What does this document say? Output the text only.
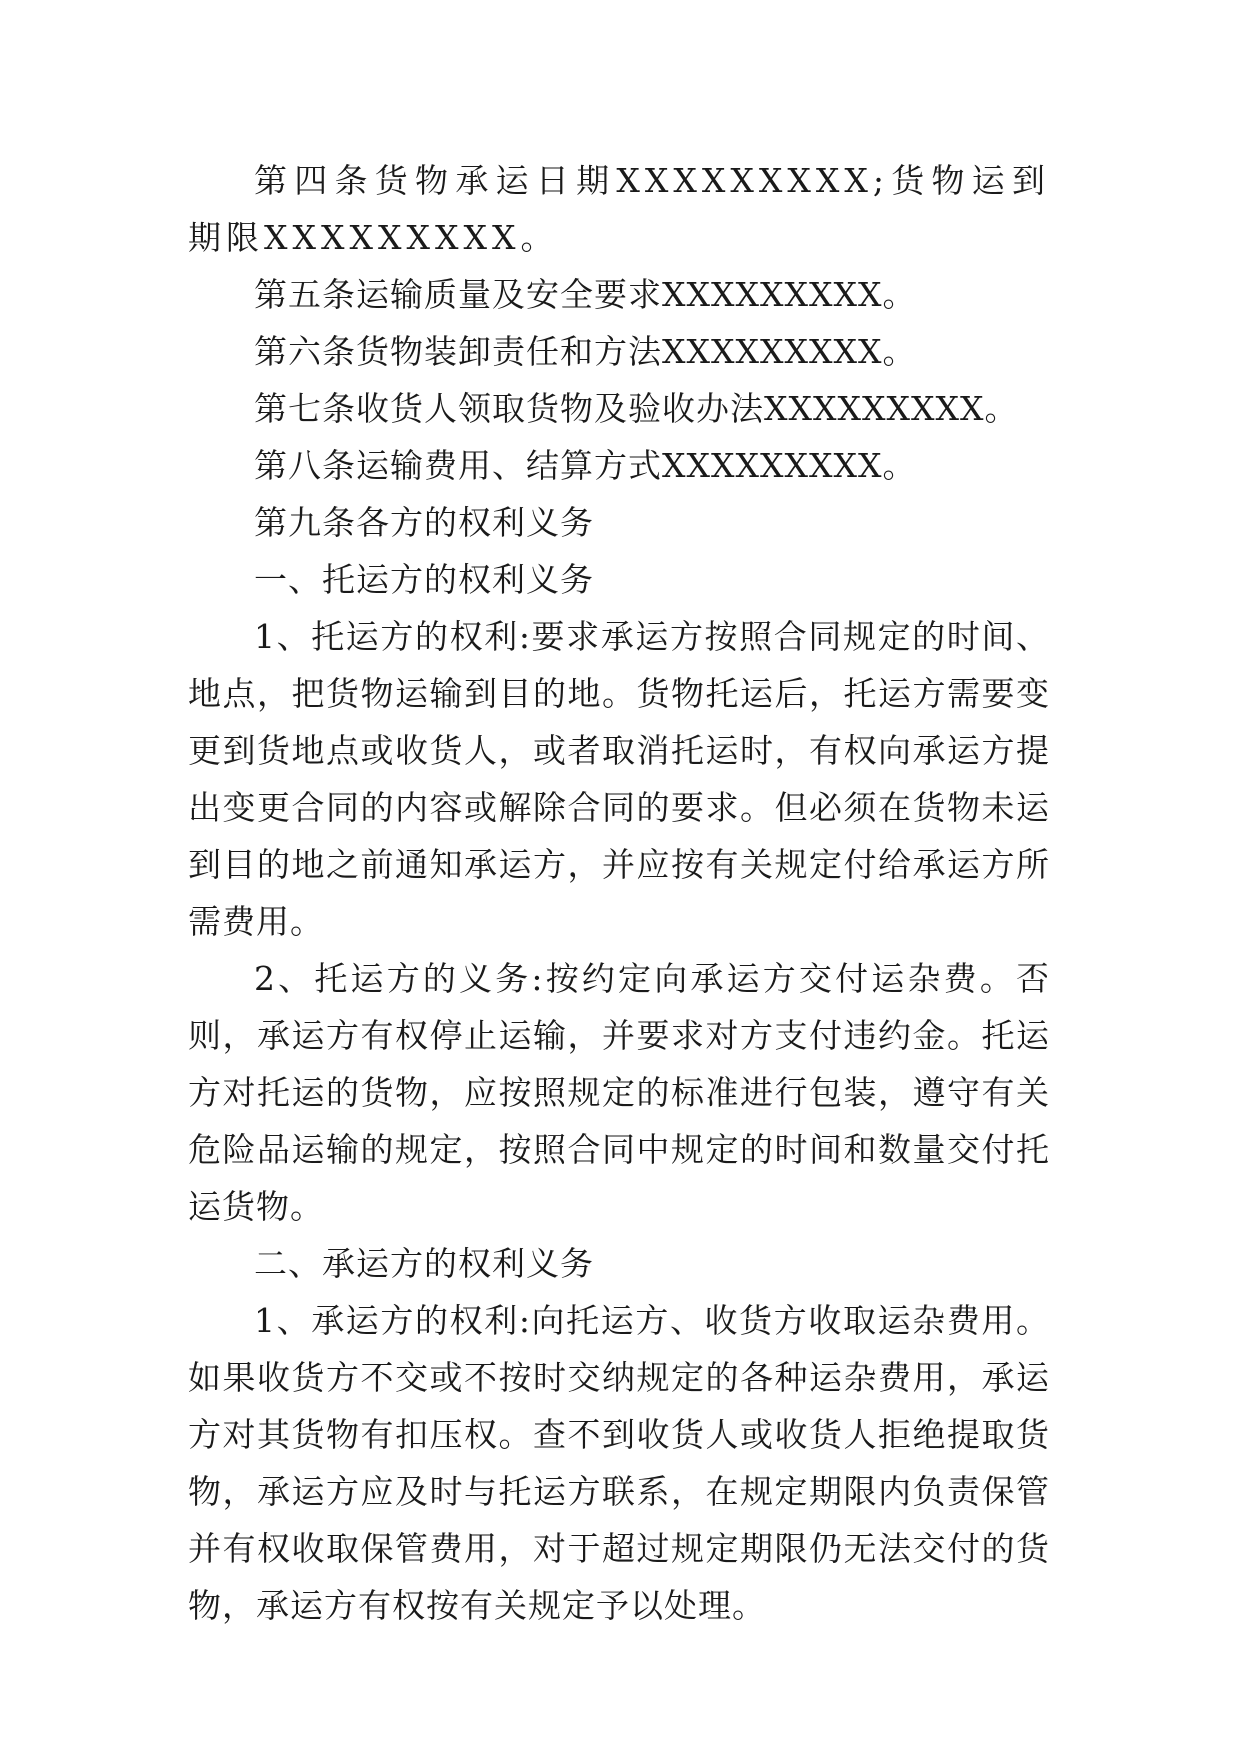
第四条货物承运日期XXXXXXXXX;货物运到期限XXXXXXXXX。

第五条运输质量及安全要求XXXXXXXXX。

第六条货物装卸责任和方法XXXXXXXXX。

第七条收货人领取货物及验收办法XXXXXXXXX。

第八条运输费用、结算方式XXXXXXXXX。

第九条各方的权利义务

一、托运方的权利义务

1、托运方的权利:要求承运方按照合同规定的时间、地点，把货物运输到目的地。货物托运后，托运方需要变更到货地点或收货人，或者取消托运时，有权向承运方提出变更合同的内容或解除合同的要求。但必须在货物未运到目的地之前通知承运方，并应按有关规定付给承运方所需费用。

2、托运方的义务:按约定向承运方交付运杂费。否则，承运方有权停止运输，并要求对方支付违约金。托运方对托运的货物，应按照规定的标准进行包装，遵守有关危险品运输的规定，按照合同中规定的时间和数量交付托运货物。

二、承运方的权利义务

1、承运方的权利:向托运方、收货方收取运杂费用。如果收货方不交或不按时交纳规定的各种运杂费用，承运方对其货物有扣压权。查不到收货人或收货人拒绝提取货物，承运方应及时与托运方联系，在规定期限内负责保管并有权收取保管费用，对于超过规定期限仍无法交付的货物，承运方有权按有关规定予以处理。
